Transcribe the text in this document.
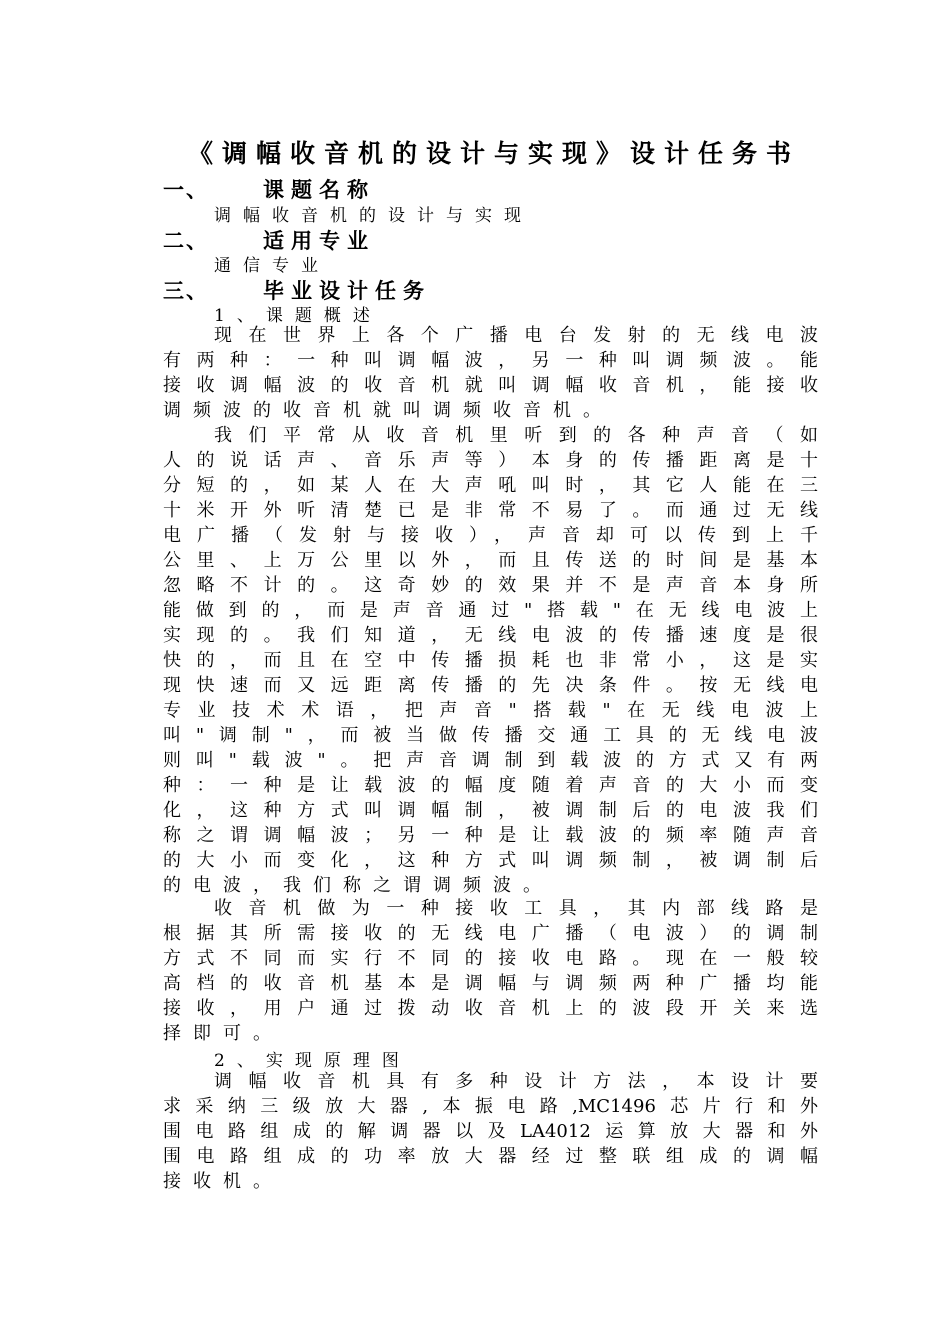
《调幅收音机的设计与实现》设计任务书
一、	课题名称
调幅收音机的设计与实现
二、	适用专业
通信专业
三、	毕业设计任务
1、课题概述
现在世界上各个广播电台发射的无线电波
有两种：一种叫调幅波，另一种叫调频波。能
接收调幅波的收音机就叫调幅收音机，能接收
调频波的收音机就叫调频收音机。
我们平常从收音机里听到的各种声音（如
人的说话声、音乐声等）本身的传播距离是十
分短的，如某人在大声吼叫时，其它人能在三
十米开外听清楚已是非常不易了。而通过无线
电广播（发射与接收），声音却可以传到上千
公里、上万公里以外，而且传送的时间是基本
忽略不计的。这奇妙的效果并不是声音本身所
能做到的，而是声音通过"搭载"在无线电波上
实现的。我们知道，无线电波的传播速度是很
快的，而且在空中传播损耗也非常小，这是实
现快速而又远距离传播的先决条件。按无线电
专业技术术语，把声音"搭载"在无线电波上
叫"调制"，而被当做传播交通工具的无线电波
则叫"载波"。把声音调制到载波的方式又有两
种：一种是让载波的幅度随着声音的大小而变
化，这种方式叫调幅制，被调制后的电波我们
称之谓调幅波；另一种是让载波的频率随声音
的大小而变化，这种方式叫调频制，被调制后
的电波，我们称之谓调频波。
收音机做为一种接收工具，其内部线路是
根据其所需接收的无线电广播（电波）的调制
方式不同而实行不同的接收电路。现在一般较
高档的收音机基本是调幅与调频两种广播均能
接收，用户通过拨动收音机上的波段开关来选
择即可。
2、实现原理图
调幅收音机具有多种设计方法，本设计要
求采纳三级放大器,本振电路,MC1496芯片行和外
围电路组成的解调器以及LA4012运算放大器和外
围电路组成的功率放大器经过整联组成的调幅
接收机。
